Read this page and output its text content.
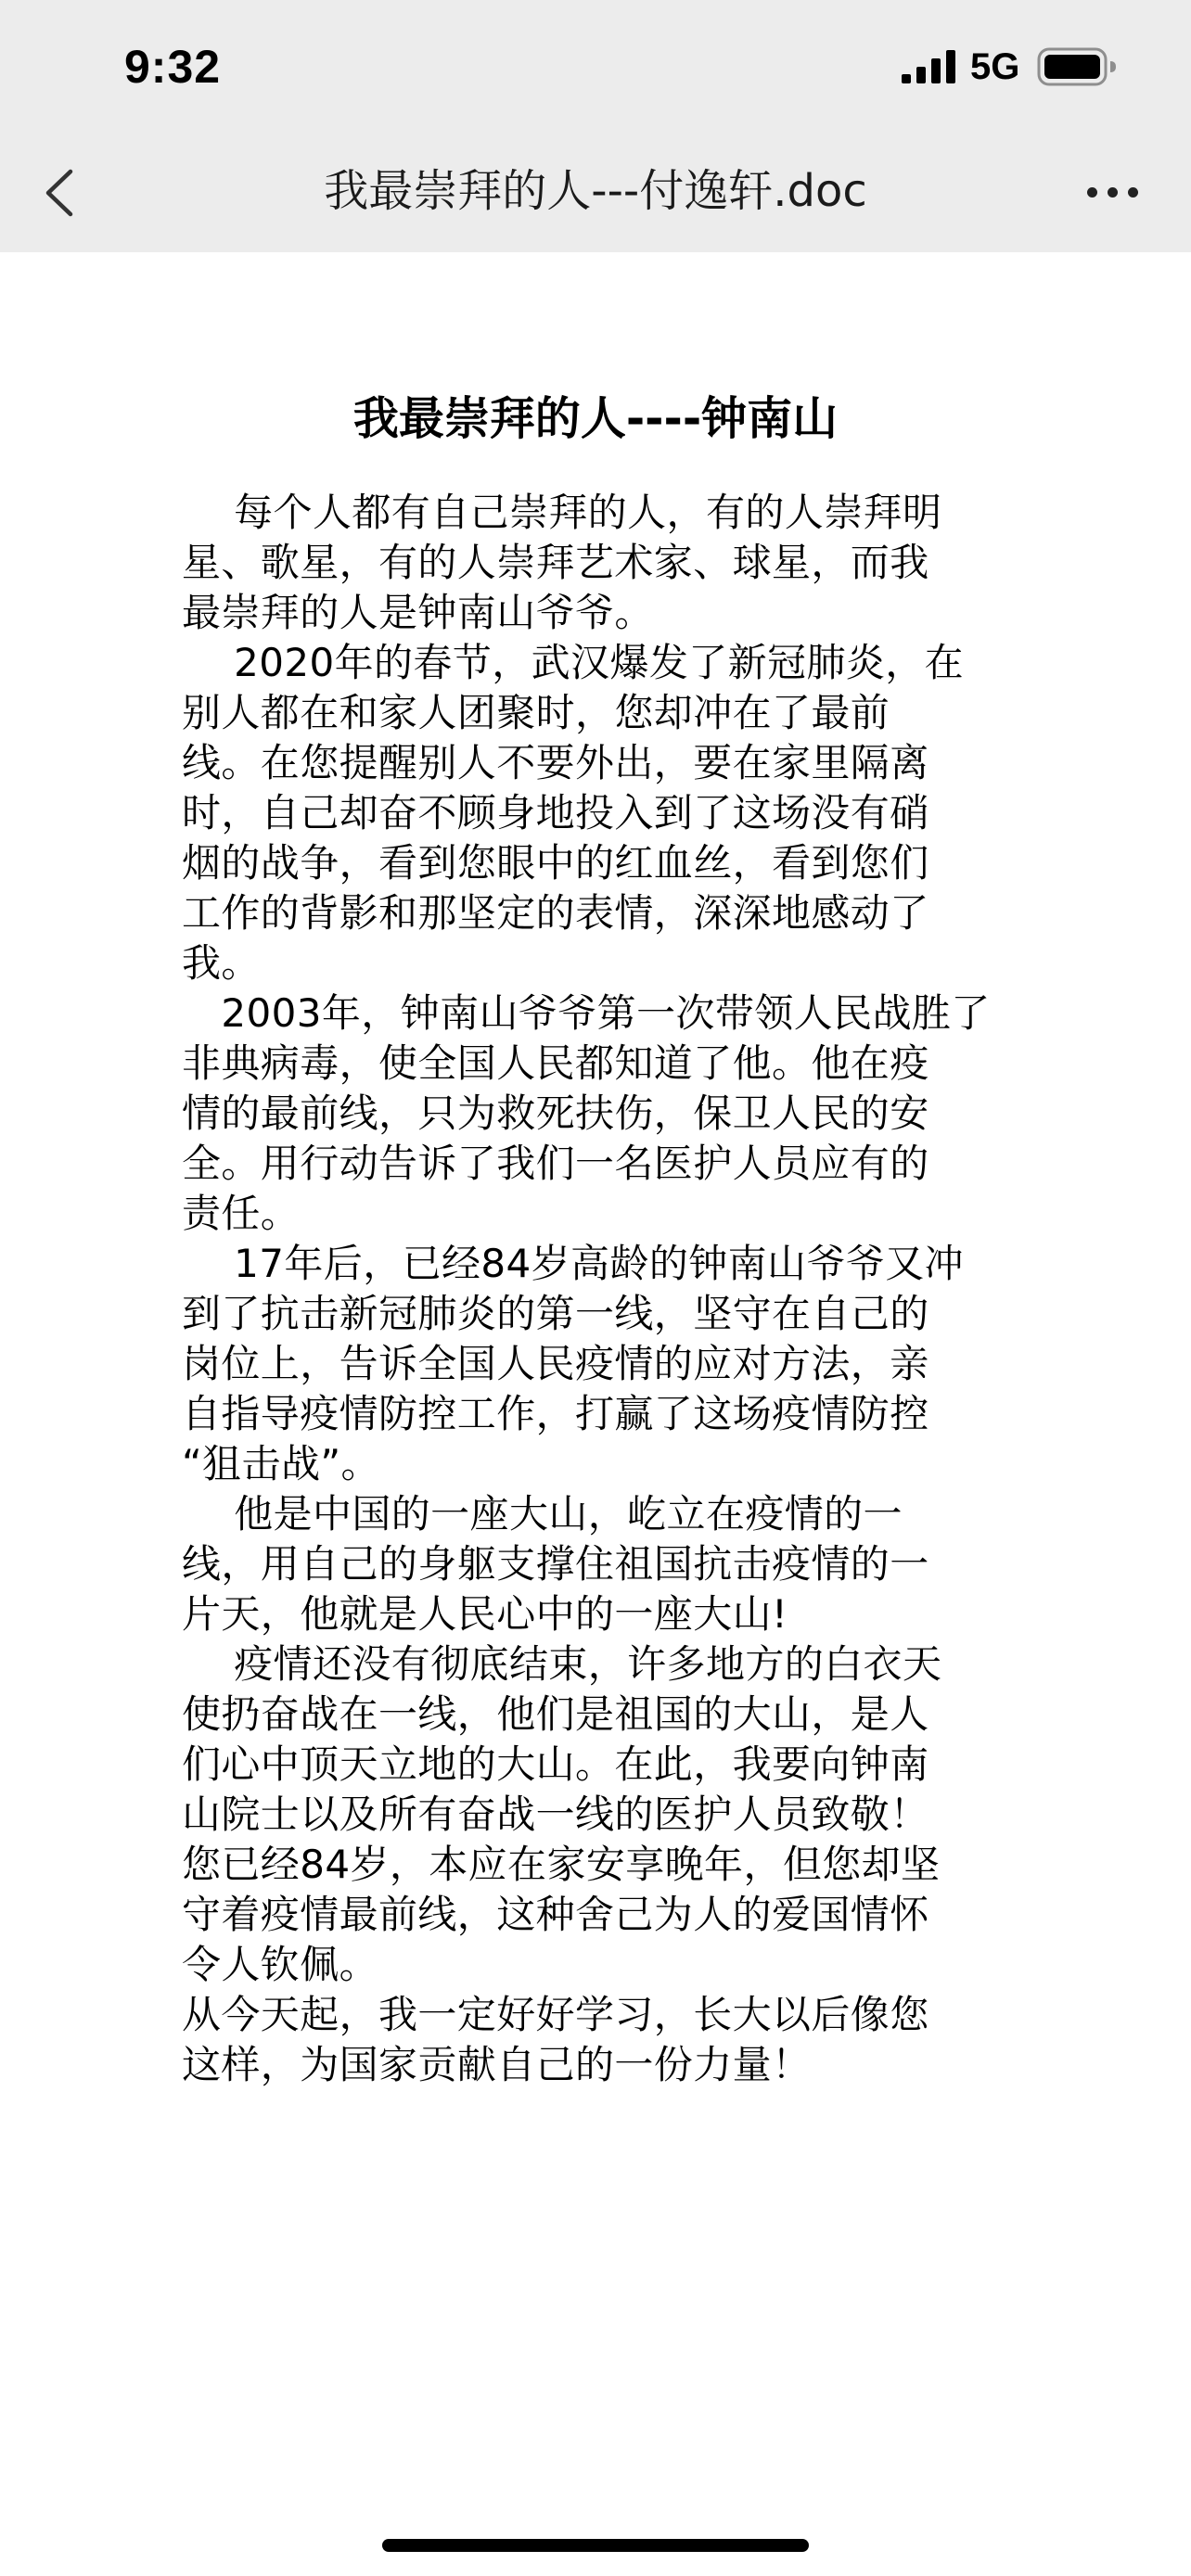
9:32	5G
我最崇拜的人---付逸轩.doc
我最崇拜的人----钟南山
　 每个人都有自己崇拜的人，有的人崇拜明
星、歌星，有的人崇拜艺术家、球星，而我
最崇拜的人是钟南山爷爷。
　 2020年的春节，武汉爆发了新冠肺炎，在
别人都在和家人团聚时，您却冲在了最前
线。在您提醒别人不要外出，要在家里隔离
时，自己却奋不顾身地投入到了这场没有硝
烟的战争，看到您眼中的红血丝，看到您们
工作的背影和那坚定的表情，深深地感动了
我。
　2003年，钟南山爷爷第一次带领人民战胜了
非典病毒，使全国人民都知道了他。他在疫
情的最前线，只为救死扶伤，保卫人民的安
全。用行动告诉了我们一名医护人员应有的
责任。
　 17年后，已经84岁高龄的钟南山爷爷又冲
到了抗击新冠肺炎的第一线，坚守在自己的
岗位上，告诉全国人民疫情的应对方法，亲
自指导疫情防控工作，打赢了这场疫情防控
“狙击战”。
　 他是中国的一座大山，屹立在疫情的一
线，用自己的身躯支撑住祖国抗击疫情的一
片天，他就是人民心中的一座大山!
　 疫情还没有彻底结束，许多地方的白衣天
使扔奋战在一线，他们是祖国的大山，是人
们心中顶天立地的大山。在此，我要向钟南
山院士以及所有奋战一线的医护人员致敬！
您已经84岁，本应在家安享晚年，但您却坚
守着疫情最前线，这种舍己为人的爱国情怀
令人钦佩。
从今天起，我一定好好学习，长大以后像您
这样，为国家贡献自己的一份力量！
